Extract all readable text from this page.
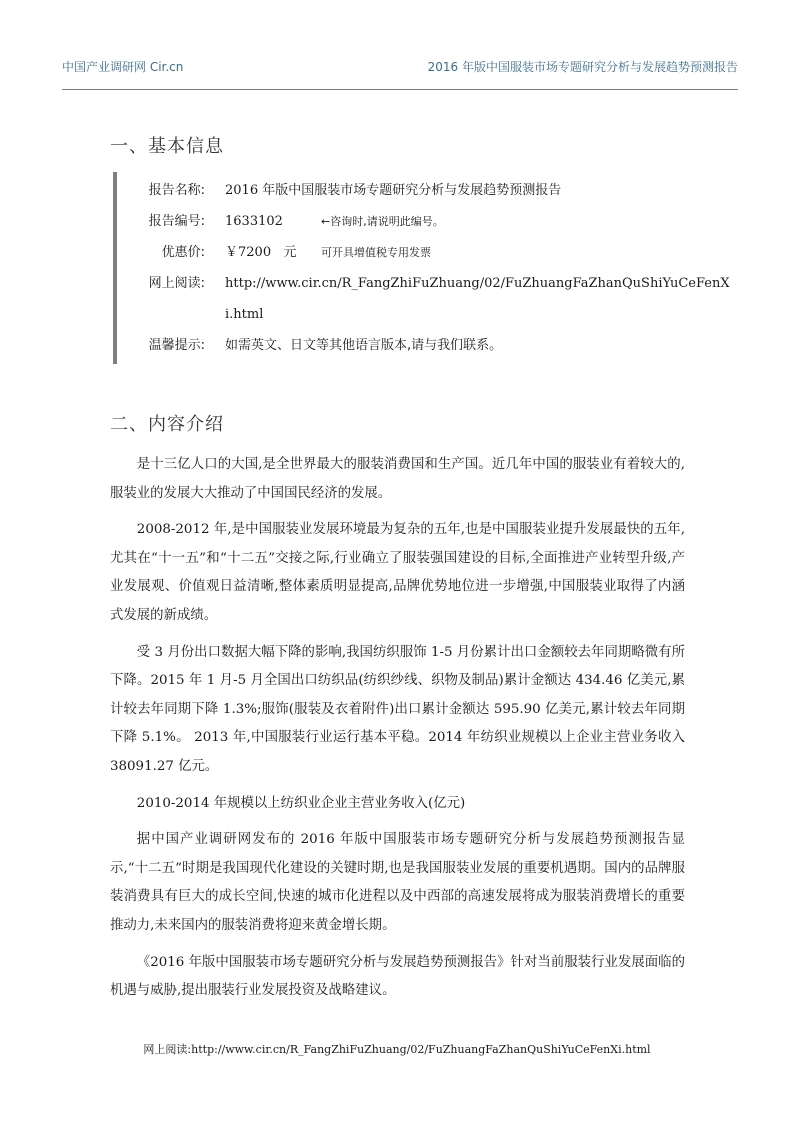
中国产业调研网 Cir.cn	2016 年版中国服装市场专题研究分析与发展趋势预测报告
一、基本信息
报告名称: 2016 年版中国服装市场专题研究分析与发展趋势预测报告
报告编号: 1633102	←咨询时,请说明此编号。
优惠价: ￥7200   元 可开具增值税专用发票
网上阅读: http://www.cir.cn/R_FangZhiFuZhuang/02/FuZhuangFaZhanQuShiYuCeFenX
i.html
温馨提示: 如需英文、日文等其他语言版本,请与我们联系。
二、内容介绍

是十三亿人口的大国,是全世界最大的服装消费国和生产国。近几年中国的服装业有着较大的,服装业的发展大大推动了中国国民经济的发展。

2008-2012 年,是中国服装业发展环境最为复杂的五年,也是中国服装业提升发展最快的五年,尤其在“十一五”和“十二五”交接之际,行业确立了服装强国建设的目标,全面推进产业转型升级,产业发展观、价值观日益清晰,整体素质明显提高,品牌优势地位进一步增强,中国服装业取得了内涵式发展的新成绩。

受 3 月份出口数据大幅下降的影响,我国纺织服饰 1-5 月份累计出口金额较去年同期略微有所下降。2015 年 1 月-5 月全国出口纺织品(纺织纱线、织物及制品)累计金额达 434.46 亿美元,累计较去年同期下降 1.3%;服饰(服装及衣着附件)出口累计金额达 595.90 亿美元,累计较去年同期下降 5.1%。 2013 年,中国服装行业运行基本平稳。2014 年纺织业规模以上企业主营业务收入 38091.27 亿元。

2010-2014 年规模以上纺织业企业主营业务收入(亿元)

据中国产业调研网发布的 2016 年版中国服装市场专题研究分析与发展趋势预测报告显示,“十二五”时期是我国现代化建设的关键时期,也是我国服装业发展的重要机遇期。国内的品牌服装消费具有巨大的成长空间,快速的城市化进程以及中西部的高速发展将成为服装消费增长的重要推动力,未来国内的服装消费将迎来黄金增长期。

《2016 年版中国服装市场专题研究分析与发展趋势预测报告》针对当前服装行业发展面临的机遇与威胁,提出服装行业发展投资及战略建议。

网上阅读:http://www.cir.cn/R_FangZhiFuZhuang/02/FuZhuangFaZhanQuShiYuCeFenXi.html
